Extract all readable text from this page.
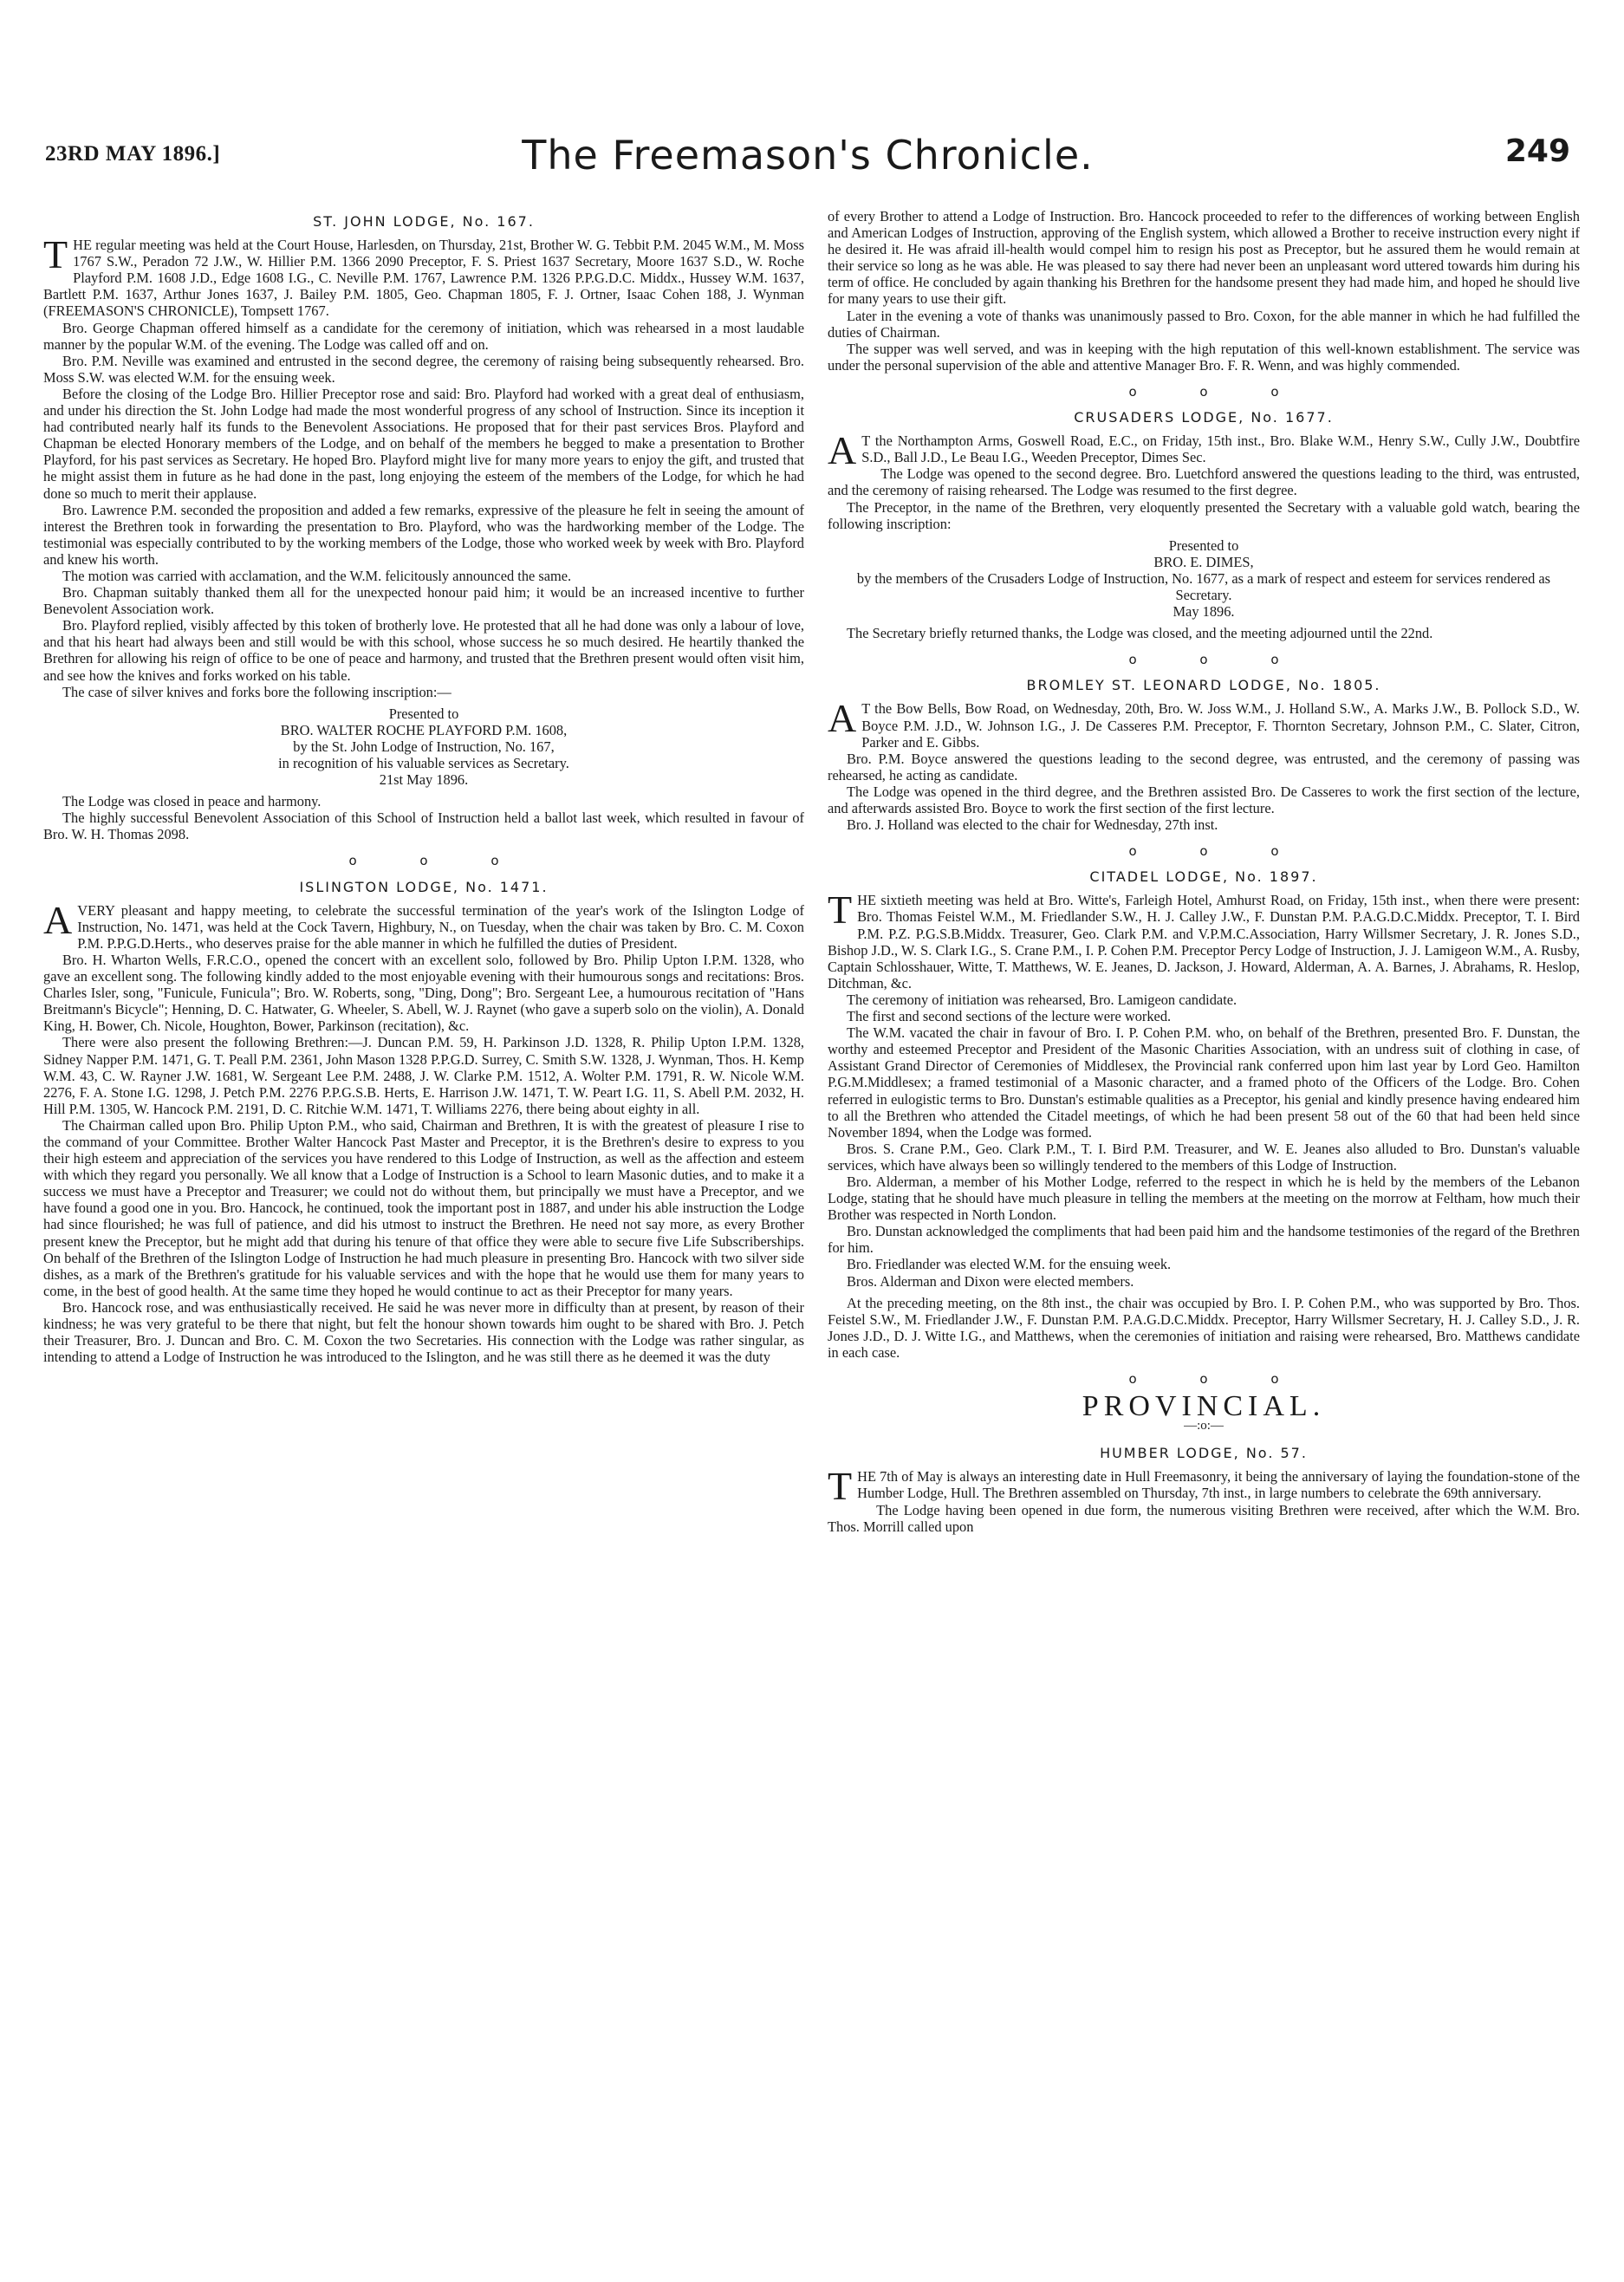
23RD MAY 1896.]	The Freemason's Chronicle.	249
ST. JOHN LODGE, No. 167.

THE regular meeting was held at the Court House, Harlesden, on Thursday, 21st, Brother W. G. Tebbit P.M. 2045 W.M., M. Moss 1767 S.W., Peradon 72 J.W., W. Hillier P.M. 1366 2090 Preceptor, F. S. Priest 1637 Secretary, Moore 1637 S.D., W. Roche Playford P.M. 1608 J.D., Edge 1608 I.G., C. Neville P.M. 1767, Lawrence P.M. 1326 P.P.G.D.C. Middx., Hussey W.M. 1637, Bartlett P.M. 1637, Arthur Jones 1637, J. Bailey P.M. 1805, Geo. Chapman 1805, F. J. Ortner, Isaac Cohen 188, J. Wynman (FREEMASON'S CHRONICLE), Tompsett 1767.

Bro. George Chapman offered himself as a candidate for the ceremony of initiation, which was rehearsed in a most laudable manner by the popular W.M. of the evening. The Lodge was called off and on.

Bro. P.M. Neville was examined and entrusted in the second degree, the ceremony of raising being subsequently rehearsed. Bro. Moss S.W. was elected W.M. for the ensuing week.

Before the closing of the Lodge Bro. Hillier Preceptor rose and said: Bro. Playford had worked with a great deal of enthusiasm, and under his direction the St. John Lodge had made the most wonderful progress of any school of Instruction. Since its inception it had contributed nearly half its funds to the Benevolent Associations. He proposed that for their past services Bros. Playford and Chapman be elected Honorary members of the Lodge, and on behalf of the members he begged to make a presentation to Brother Playford, for his past services as Secretary. He hoped Bro. Playford might live for many more years to enjoy the gift, and trusted that he might assist them in future as he had done in the past, long enjoying the esteem of the members of the Lodge, for which he had done so much to merit their applause.

Bro. Lawrence P.M. seconded the proposition and added a few remarks, expressive of the pleasure he felt in seeing the amount of interest the Brethren took in forwarding the presentation to Bro. Playford, who was the hardworking member of the Lodge. The testimonial was especially contributed to by the working members of the Lodge, those who worked week by week with Bro. Playford and knew his worth.

The motion was carried with acclamation, and the W.M. felicitously announced the same.

Bro. Chapman suitably thanked them all for the unexpected honour paid him; it would be an increased incentive to further Benevolent Association work.

Bro. Playford replied, visibly affected by this token of brotherly love. He protested that all he had done was only a labour of love, and that his heart had always been and still would be with this school, whose success he so much desired. He heartily thanked the Brethren for allowing his reign of office to be one of peace and harmony, and trusted that the Brethren present would often visit him, and see how the knives and forks worked on his table.

The case of silver knives and forks bore the following inscription:—

Presented to

BRO. WALTER ROCHE PLAYFORD P.M. 1608,

by the St. John Lodge of Instruction, No. 167,

in recognition of his valuable services as Secretary.

21st May 1896.

The Lodge was closed in peace and harmony.

The highly successful Benevolent Association of this School of Instruction held a ballot last week, which resulted in favour of Bro. W. H. Thomas 2098.

o o o
ISLINGTON LODGE, No. 1471.

AVERY pleasant and happy meeting, to celebrate the successful termination of the year's work of the Islington Lodge of Instruction, No. 1471, was held at the Cock Tavern, Highbury, N., on Tuesday, when the chair was taken by Bro. C. M. Coxon P.M. P.P.G.D.Herts., who deserves praise for the able manner in which he fulfilled the duties of President.

Bro. H. Wharton Wells, F.R.C.O., opened the concert with an excellent solo, followed by Bro. Philip Upton I.P.M. 1328, who gave an excellent song. The following kindly added to the most enjoyable evening with their humourous songs and recitations: Bros. Charles Isler, song, "Funicule, Funicula"; Bro. W. Roberts, song, "Ding, Dong"; Bro. Sergeant Lee, a humourous recitation of "Hans Breitmann's Bicycle"; Henning, D. C. Hatwater, G. Wheeler, S. Abell, W. J. Raynet (who gave a superb solo on the violin), A. Donald King, H. Bower, Ch. Nicole, Houghton, Bower, Parkinson (recitation), &c.

There were also present the following Brethren:—J. Duncan P.M. 59, H. Parkinson J.D. 1328, R. Philip Upton I.P.M. 1328, Sidney Napper P.M. 1471, G. T. Peall P.M. 2361, John Mason 1328 P.P.G.D. Surrey, C. Smith S.W. 1328, J. Wynman, Thos. H. Kemp W.M. 43, C. W. Rayner J.W. 1681, W. Sergeant Lee P.M. 2488, J. W. Clarke P.M. 1512, A. Wolter P.M. 1791, R. W. Nicole W.M. 2276, F. A. Stone I.G. 1298, J. Petch P.M. 2276 P.P.G.S.B. Herts, E. Harrison J.W. 1471, T. W. Peart I.G. 11, S. Abell P.M. 2032, H. Hill P.M. 1305, W. Hancock P.M. 2191, D. C. Ritchie W.M. 1471, T. Williams 2276, there being about eighty in all.

The Chairman called upon Bro. Philip Upton P.M., who said, Chairman and Brethren, It is with the greatest of pleasure I rise to the command of your Committee. Brother Walter Hancock Past Master and Preceptor, it is the Brethren's desire to express to you their high esteem and appreciation of the services you have rendered to this Lodge of Instruction, as well as the affection and esteem with which they regard you personally. We all know that a Lodge of Instruction is a School to learn Masonic duties, and to make it a success we must have a Preceptor and Treasurer; we could not do without them, but principally we must have a Preceptor, and we have found a good one in you. Bro. Hancock, he continued, took the important post in 1887, and under his able instruction the Lodge had since flourished; he was full of patience, and did his utmost to instruct the Brethren. He need not say more, as every Brother present knew the Preceptor, but he might add that during his tenure of that office they were able to secure five Life Subscriberships. On behalf of the Brethren of the Islington Lodge of Instruction he had much pleasure in presenting Bro. Hancock with two silver side dishes, as a mark of the Brethren's gratitude for his valuable services and with the hope that he would use them for many years to come, in the best of good health. At the same time they hoped he would continue to act as their Preceptor for many years.

Bro. Hancock rose, and was enthusiastically received. He said he was never more in difficulty than at present, by reason of their kindness; he was very grateful to be there that night, but felt the honour shown towards him ought to be shared with Bro. J. Petch their Treasurer, Bro. J. Duncan and Bro. C. M. Coxon the two Secretaries. His connection with the Lodge was rather singular, as intending to attend a Lodge of Instruction he was introduced to the Islington, and he was still there as he deemed it was the duty

of every Brother to attend a Lodge of Instruction. Bro. Hancock proceeded to refer to the differences of working between English and American Lodges of Instruction, approving of the English system, which allowed a Brother to receive instruction every night if he desired it. He was afraid ill-health would compel him to resign his post as Preceptor, but he assured them he would remain at their service so long as he was able. He was pleased to say there had never been an unpleasant word uttered towards him during his term of office. He concluded by again thanking his Brethren for the handsome present they had made him, and hoped he should live for many years to use their gift.

Later in the evening a vote of thanks was unanimously passed to Bro. Coxon, for the able manner in which he had fulfilled the duties of Chairman.

The supper was well served, and was in keeping with the high reputation of this well-known establishment. The service was under the personal supervision of the able and attentive Manager Bro. F. R. Wenn, and was highly commended.

o o o
CRUSADERS LODGE, No. 1677.

A T the Northampton Arms, Goswell Road, E.C., on Friday, 15th inst., Bro. Blake W.M., Henry S.W., Cully J.W., Doubtfire S.D., Ball J.D., Le Beau I.G., Weeden Preceptor, Dimes Sec.

The Lodge was opened to the second degree. Bro. Luetchford answered the questions leading to the third, was entrusted, and the ceremony of raising rehearsed. The Lodge was resumed to the first degree.

The Preceptor, in the name of the Brethren, very eloquently presented the Secretary with a valuable gold watch, bearing the following inscription:

Presented to

BRO. E. DIMES,

by the members of the Crusaders Lodge of Instruction, No. 1677, as a mark of respect and esteem for services rendered as Secretary.

May 1896.

The Secretary briefly returned thanks, the Lodge was closed, and the meeting adjourned until the 22nd.

o o o
BROMLEY ST. LEONARD LODGE, No. 1805.

A T the Bow Bells, Bow Road, on Wednesday, 20th, Bro. W. Joss W.M., J. Holland S.W., A. Marks J.W., B. Pollock S.D., W. Boyce P.M. J.D., W. Johnson I.G., J. De Casseres P.M. Preceptor, F. Thornton Secretary, Johnson P.M., C. Slater, Citron, Parker and E. Gibbs.

Bro. P.M. Boyce answered the questions leading to the second degree, was entrusted, and the ceremony of passing was rehearsed, he acting as candidate.

The Lodge was opened in the third degree, and the Brethren assisted Bro. De Casseres to work the first section of the lecture, and afterwards assisted Bro. Boyce to work the first section of the first lecture.

Bro. J. Holland was elected to the chair for Wednesday, 27th inst.

o o o
CITADEL LODGE, No. 1897.

THE sixtieth meeting was held at Bro. Witte's, Farleigh Hotel, Amhurst Road, on Friday, 15th inst., when there were present: Bro. Thomas Feistel W.M., M. Friedlander S.W., H. J. Calley J.W., F. Dunstan P.M. P.A.G.D.C.Middx. Preceptor, T. I. Bird P.M. P.Z. P.G.S.B.Middx. Treasurer, Geo. Clark P.M. and V.P.M.C.Association, Harry Willsmer Secretary, J. R. Jones S.D., Bishop J.D., W. S. Clark I.G., S. Crane P.M., I. P. Cohen P.M. Preceptor Percy Lodge of Instruction, J. J. Lamigeon W.M., A. Rusby, Captain Schlosshauer, Witte, T. Matthews, W. E. Jeanes, D. Jackson, J. Howard, Alderman, A. A. Barnes, J. Abrahams, R. Heslop, Ditchman, &c.

The ceremony of initiation was rehearsed, Bro. Lamigeon candidate.

The first and second sections of the lecture were worked.

The W.M. vacated the chair in favour of Bro. I. P. Cohen P.M. who, on behalf of the Brethren, presented Bro. F. Dunstan, the worthy and esteemed Preceptor and President of the Masonic Charities Association, with an undress suit of clothing in case, of Assistant Grand Director of Ceremonies of Middlesex, the Provincial rank conferred upon him last year by Lord Geo. Hamilton P.G.M.Middlesex; a framed testimonial of a Masonic character, and a framed photo of the Officers of the Lodge. Bro. Cohen referred in eulogistic terms to Bro. Dunstan's estimable qualities as a Preceptor, his genial and kindly presence having endeared him to all the Brethren who attended the Citadel meetings, of which he had been present 58 out of the 60 that had been held since November 1894, when the Lodge was formed.

Bros. S. Crane P.M., Geo. Clark P.M., T. I. Bird P.M. Treasurer, and W. E. Jeanes also alluded to Bro. Dunstan's valuable services, which have always been so willingly tendered to the members of this Lodge of Instruction.

Bro. Alderman, a member of his Mother Lodge, referred to the respect in which he is held by the members of the Lebanon Lodge, stating that he should have much pleasure in telling the members at the meeting on the morrow at Feltham, how much their Brother was respected in North London.

Bro. Dunstan acknowledged the compliments that had been paid him and the handsome testimonies of the regard of the Brethren for him.

Bro. Friedlander was elected W.M. for the ensuing week.

Bros. Alderman and Dixon were elected members.

At the preceding meeting, on the 8th inst., the chair was occupied by Bro. I. P. Cohen P.M., who was supported by Bro. Thos. Feistel S.W., M. Friedlander J.W., F. Dunstan P.M. P.A.G.D.C.Middx. Preceptor, Harry Willsmer Secretary, H. J. Calley S.D., J. R. Jones J.D., D. J. Witte I.G., and Matthews, when the ceremonies of initiation and raising were rehearsed, Bro. Matthews candidate in each case.

o o o
PROVINCIAL.
—:o:—
HUMBER LODGE, No. 57.

THE 7th of May is always an interesting date in Hull Freemasonry, it being the anniversary of laying the foundation-stone of the Humber Lodge, Hull. The Brethren assembled on Thursday, 7th inst., in large numbers to celebrate the 69th anniversary.

The Lodge having been opened in due form, the numerous visiting Brethren were received, after which the W.M. Bro. Thos. Morrill called upon
